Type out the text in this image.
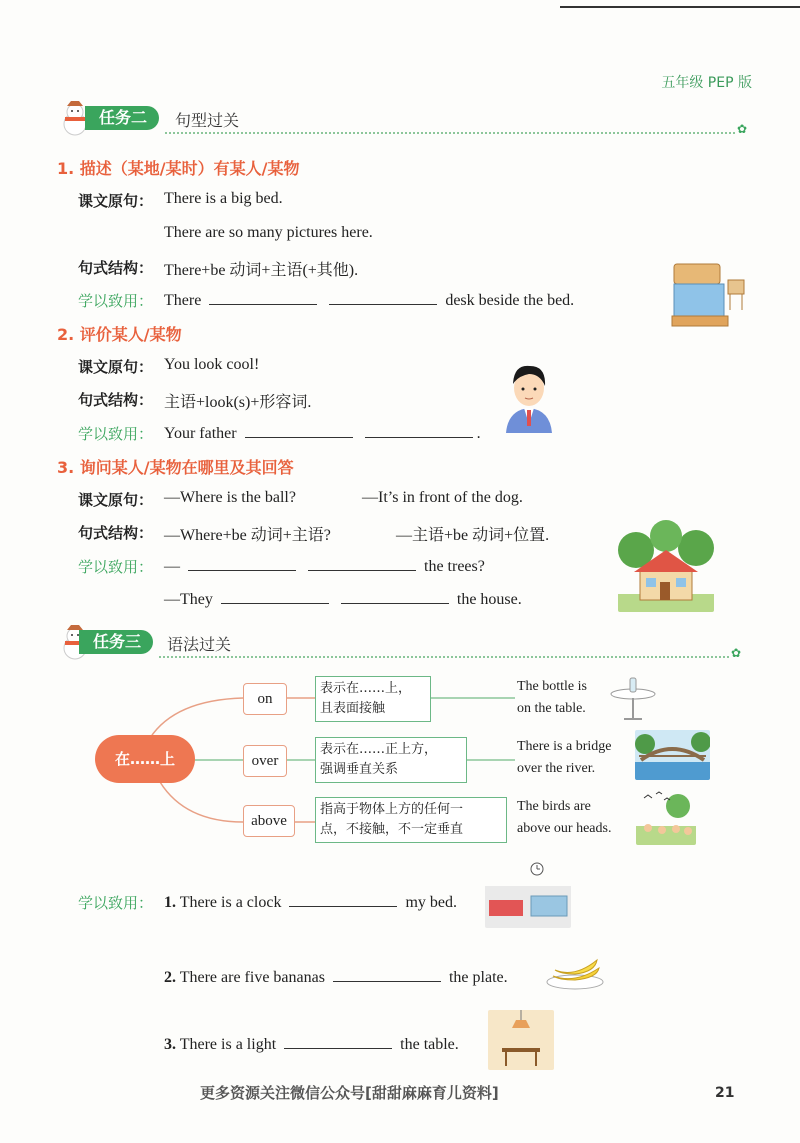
五年级 PEP 版
任务二	句型过关	✿
1. 描述（某地/某时）有某人/某物
课文原句： There is a big bed.
There are so many pictures here.
句式结构： There+be 动词+主语(+其他).
学以致用： There	desk beside the bed.
2. 评价某人/某物
课文原句： You look cool!
句式结构： 主语+look(s)+形容词.
学以致用： Your father	.
3. 询问某人/某物在哪里及其回答
课文原句： —Where is the ball?	—It’s in front of the dog.
句式结构： —Where+be 动词+主语?	—主语+be 动词+位置.
学以致用： —	the trees?
—They	the house.
任务三	语法过关	✿
在……上
on
表示在……上，
且表面接触
The bottle is
on the table.
over
表示在……正上方，
强调垂直关系
There is a bridge
over the river.
above
指高于物体上方的任何一
点，不接触，不一定垂直
The birds are
above our heads.
学以致用： 1. There is a clock	my bed.
2. There are five bananas	the plate.
3. There is a light	the table.
更多资源关注微信公众号[甜甜麻麻育儿资料]	21
